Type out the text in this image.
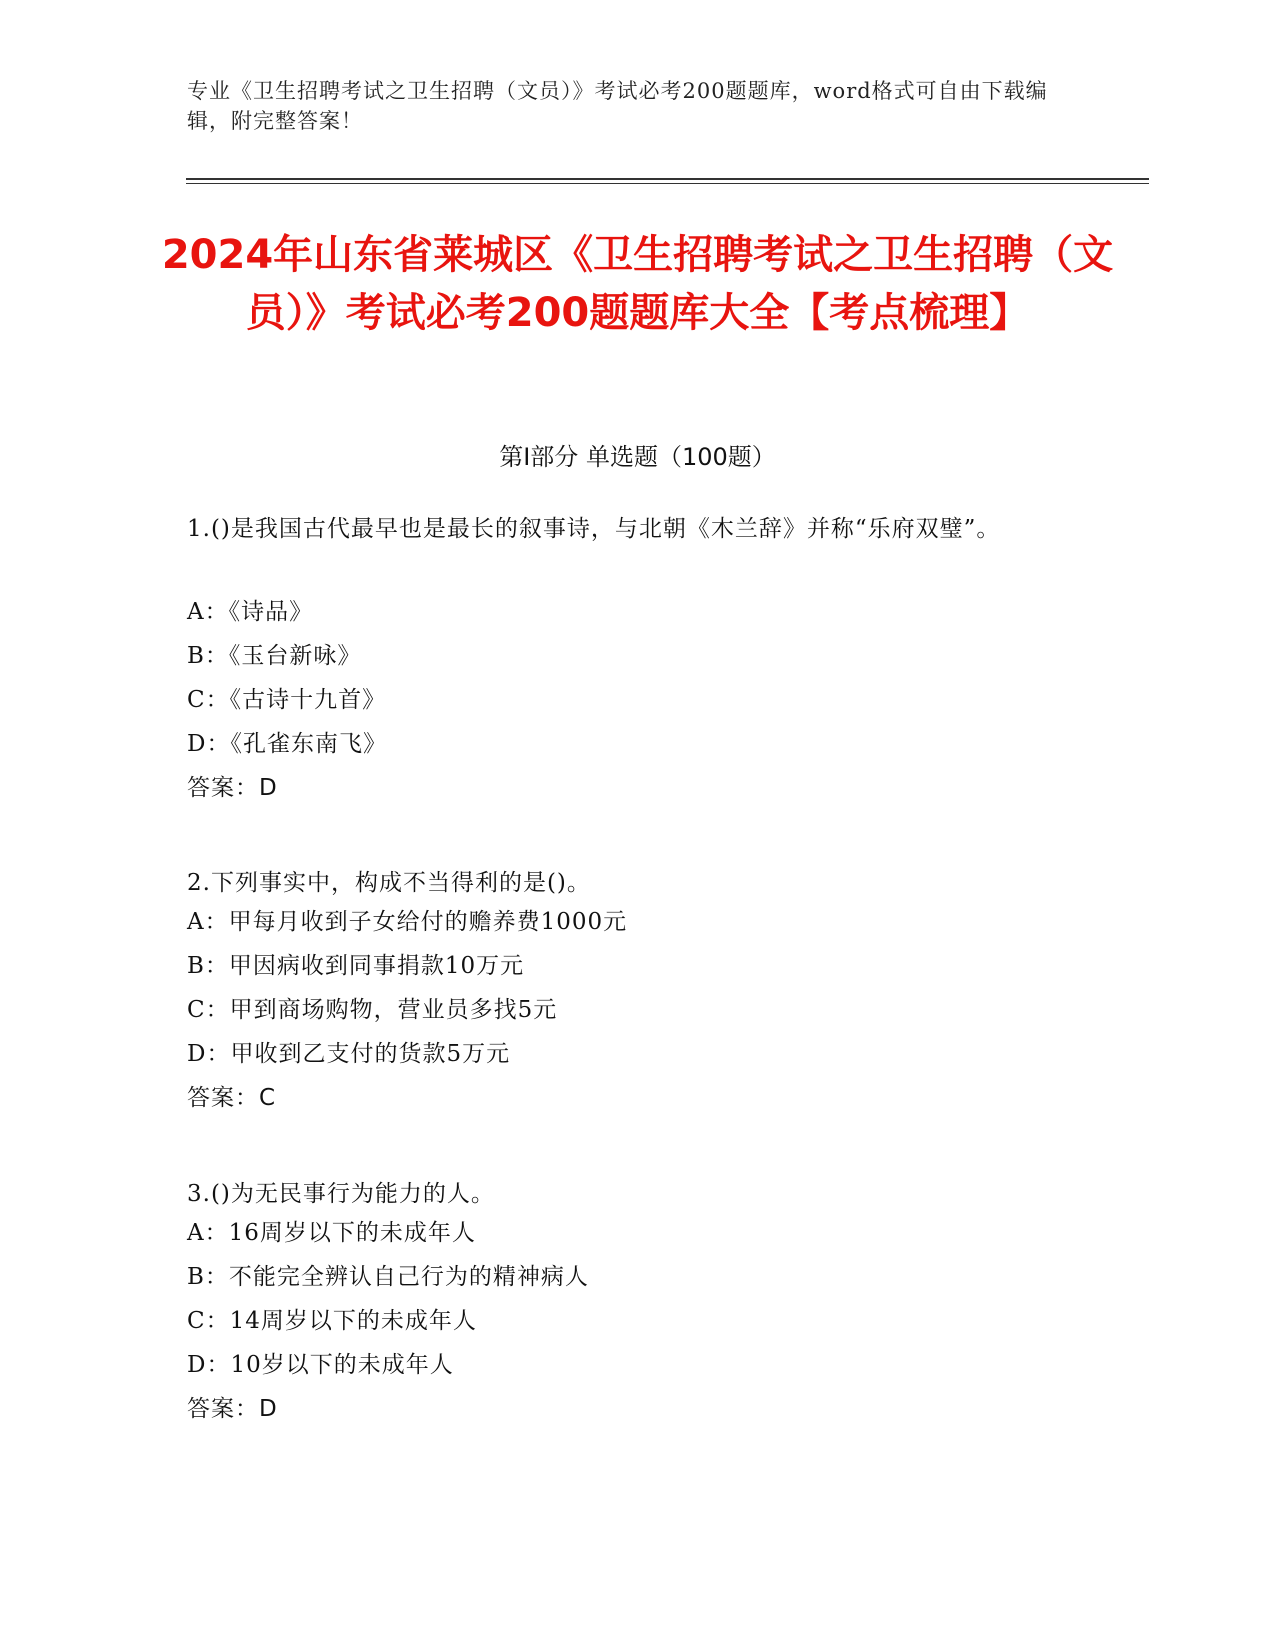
专业《卫生招聘考试之卫生招聘（文员）》考试必考200题题库，word格式可自由下载编辑，附完整答案！
2024年山东省莱城区《卫生招聘考试之卫生招聘（文员）》考试必考200题题库大全【考点梳理】
第I部分 单选题（100题）
1.()是我国古代最早也是最长的叙事诗，与北朝《木兰辞》并称“乐府双璧”。
A：《诗品》
B：《玉台新咏》
C：《古诗十九首》
D：《孔雀东南飞》
答案：D
2.下列事实中，构成不当得利的是()。
A：甲每月收到子女给付的赡养费1000元
B：甲因病收到同事捐款10万元
C：甲到商场购物，营业员多找5元
D：甲收到乙支付的货款5万元
答案：C
3.()为无民事行为能力的人。
A：16周岁以下的未成年人
B：不能完全辨认自己行为的精神病人
C：14周岁以下的未成年人
D：10岁以下的未成年人
答案：D
